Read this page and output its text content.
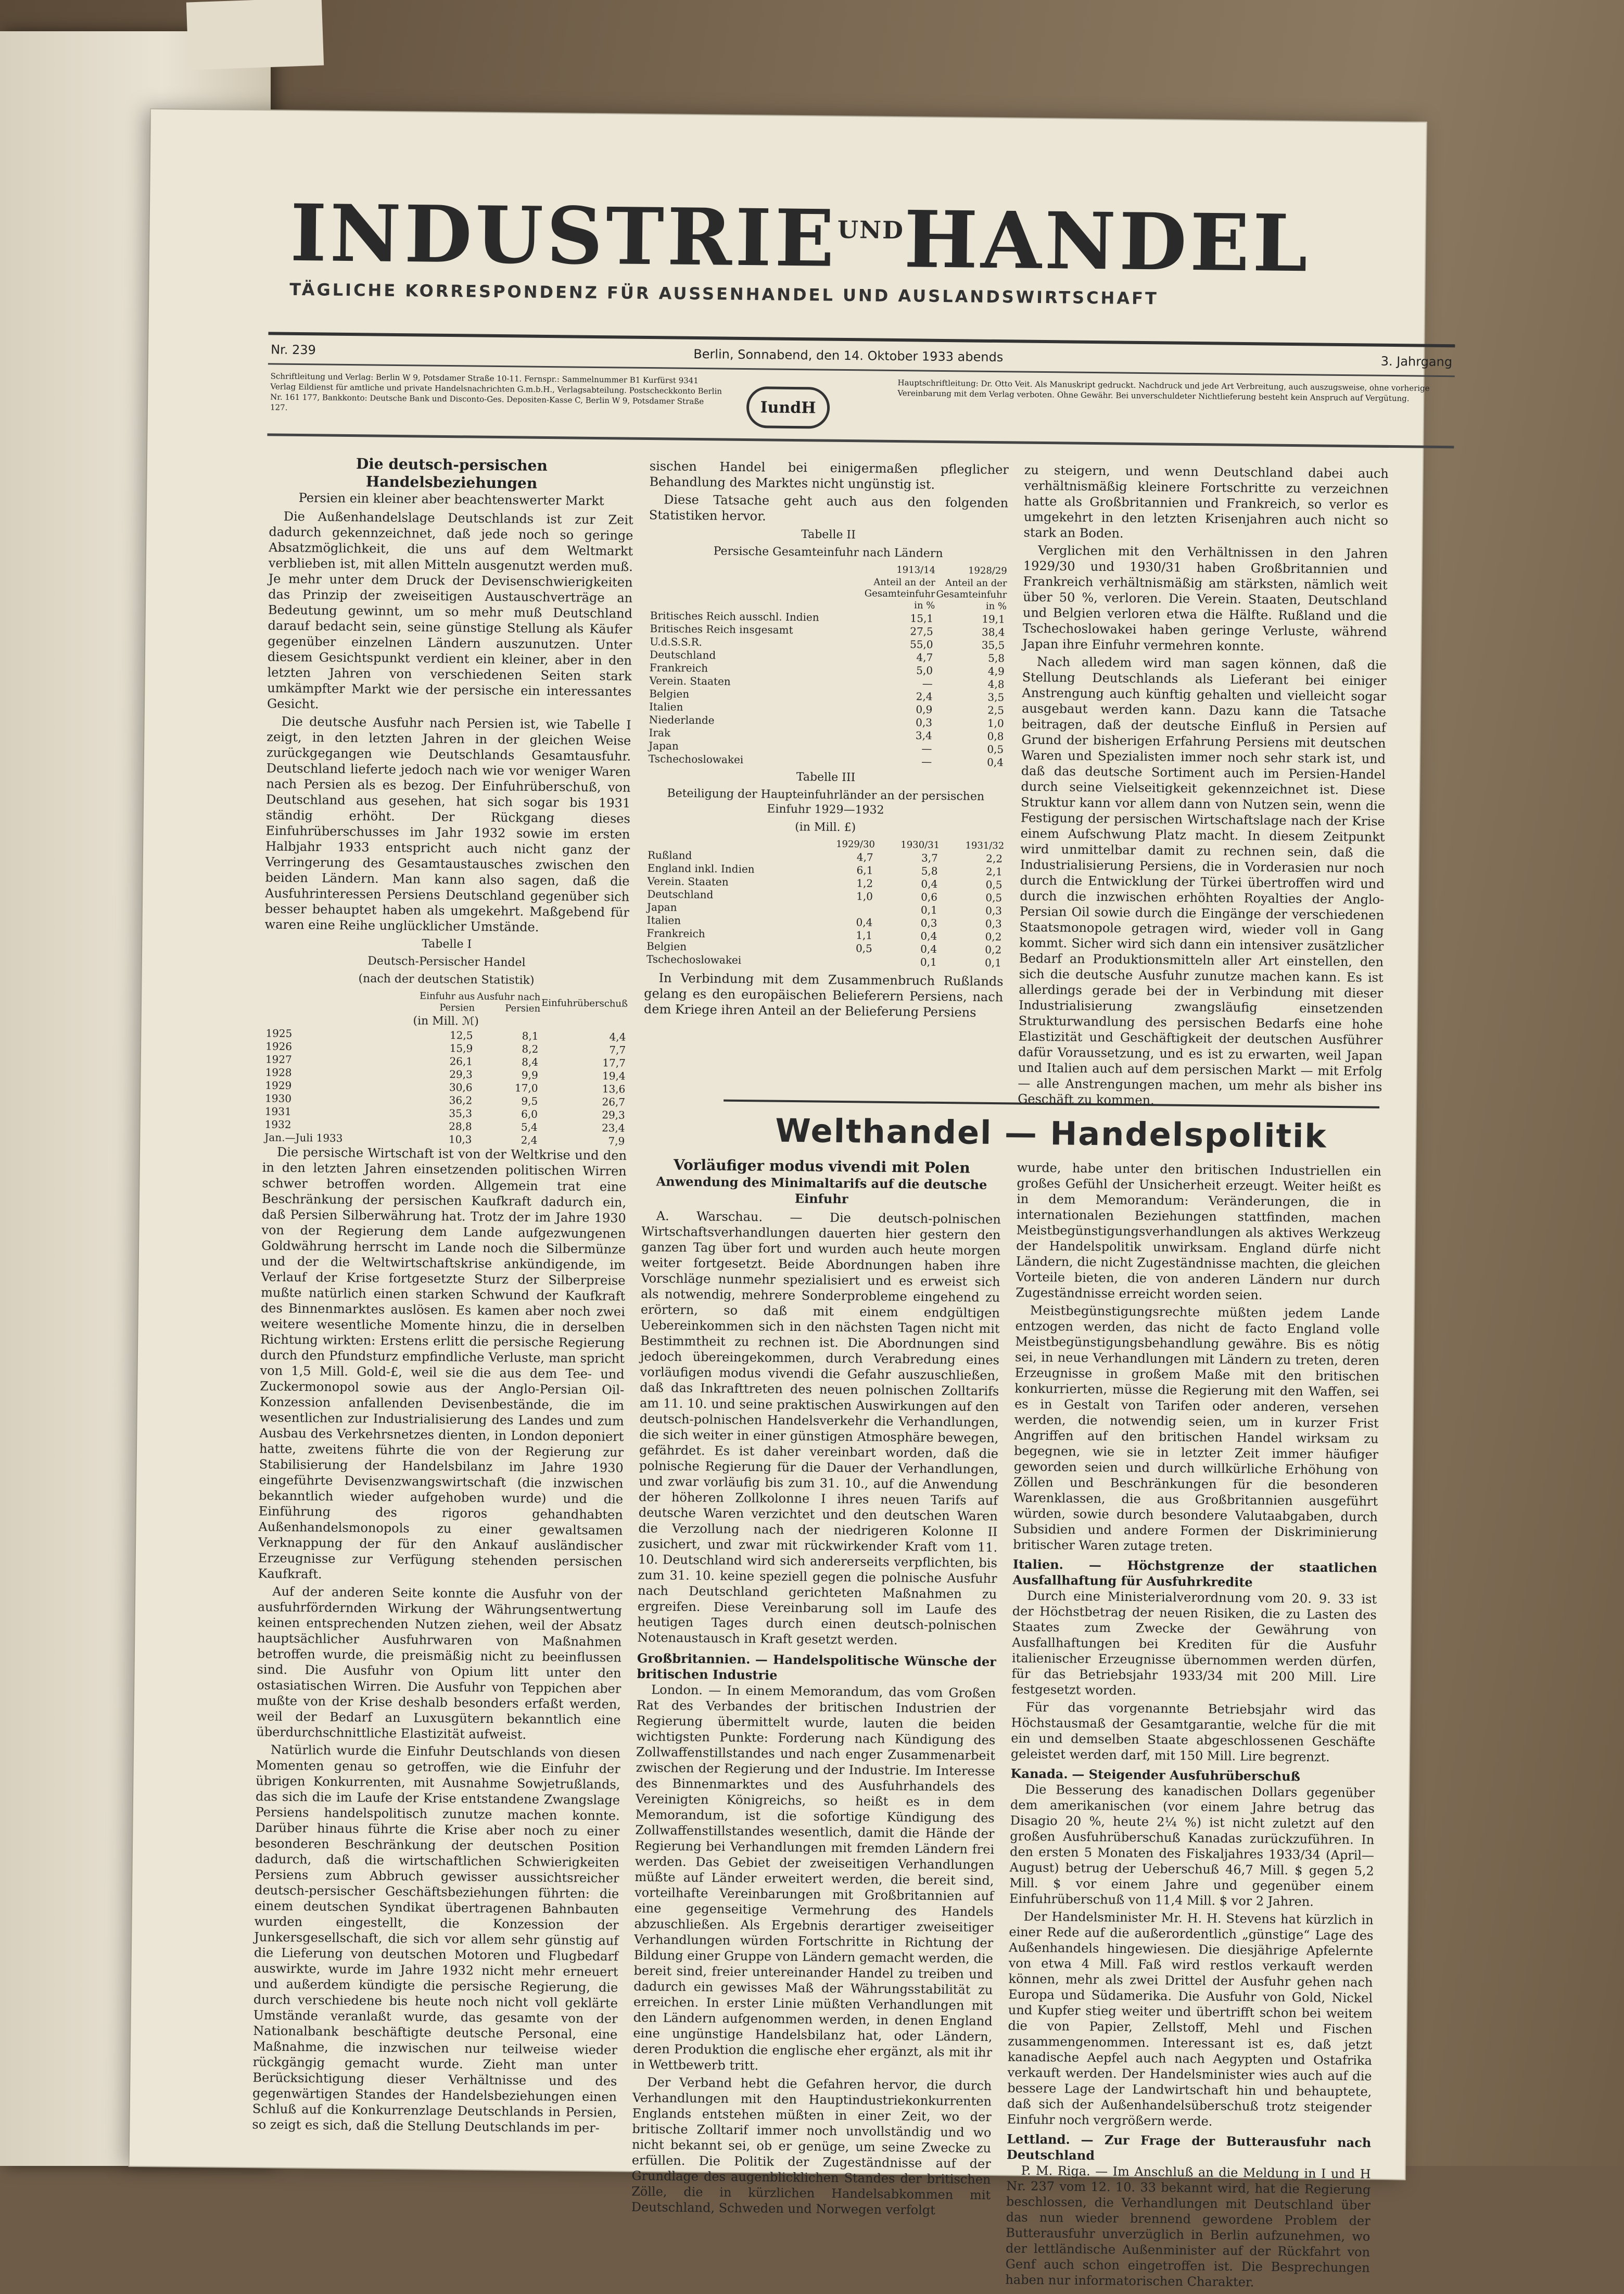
$INDUSTRIE^{UND}HANDEL$
TÄGLICHE KORRESPONDENZ FÜR AUSSENHANDEL UND AUSLANDSWIRTSCHAFT
Nr. 239	Berlin, Sonnabend, den 14. Oktober 1933 abends	3. Jahrgang
Schriftleitung und Verlag: Berlin W 9, Potsdamer Straße 10-11. Fernspr.: Sammelnummer B1 Kurfürst 9341 Verlag Eildienst für amtliche und private Handelsnachrichten G.m.b.H., Verlagsabteilung. Postscheckkonto Berlin Nr. 161 177, Bankkonto: Deutsche Bank und Disconto-Ges. Depositen-Kasse C, Berlin W 9, Potsdamer Straße 127.	IundH
Hauptschriftleitung: Dr. Otto Veit. Als Manuskript gedruckt. Nachdruck und jede Art Verbreitung, auch auszugsweise, ohne vorherige Vereinbarung mit dem Verlag verboten. Ohne Gewähr. Bei unverschuldeter Nichtlieferung besteht kein Anspruch auf Vergütung.
Die deutsch-persischen Handelsbeziehungen
Persien ein kleiner aber beachtenswerter Markt

Die Außenhandelslage Deutschlands ist zur Zeit dadurch gekennzeichnet, daß jede noch so geringe Absatzmöglichkeit, die uns auf dem Weltmarkt verblieben ist, mit allen Mitteln ausgenutzt werden muß. Je mehr unter dem Druck der Devisenschwierigkeiten das Prinzip der zweiseitigen Austauschverträge an Bedeutung gewinnt, um so mehr muß Deutschland darauf bedacht sein, seine günstige Stellung als Käufer gegenüber einzelnen Ländern auszunutzen. Unter diesem Gesichtspunkt verdient ein kleiner, aber in den letzten Jahren von verschiedenen Seiten stark umkämpfter Markt wie der persische ein interessantes Gesicht.

Die deutsche Ausfuhr nach Persien ist, wie Tabelle I zeigt, in den letzten Jahren in der gleichen Weise zurückgegangen wie Deutschlands Gesamtausfuhr. Deutschland lieferte jedoch nach wie vor weniger Waren nach Persien als es bezog. Der Einfuhrüberschuß, von Deutschland aus gesehen, hat sich sogar bis 1931 ständig erhöht. Der Rückgang dieses Einfuhrüberschusses im Jahr 1932 sowie im ersten Halbjahr 1933 entspricht auch nicht ganz der Verringerung des Gesamtaustausches zwischen den beiden Ländern. Man kann also sagen, daß die Ausfuhrinteressen Persiens Deutschland gegenüber sich besser behauptet haben als umgekehrt. Maßgebend für waren eine Reihe unglücklicher Umstände.

Tabelle I
Deutsch-Persischer Handel
(nach der deutschen Statistik)
	Einfuhr aus Persien	Ausfuhr nach Persien	Einfuhrüberschuß
(in Mill. ℳ)			
1925	12,5	8,1	4,4
1926	15,9	8,2	7,7
1927	26,1	8,4	17,7
1928	29,3	9,9	19,4
1929	30,6	17,0	13,6
1930	36,2	9,5	26,7
1931	35,3	6,0	29,3
1932	28,8	5,4	23,4
Jan.—Juli 1933	10,3	2,4	7,9

Die persische Wirtschaft ist von der Weltkrise und den in den letzten Jahren einsetzenden politischen Wirren schwer betroffen worden. Allgemein trat eine Beschränkung der persischen Kaufkraft dadurch ein, daß Persien Silberwährung hat. Trotz der im Jahre 1930 von der Regierung dem Lande aufgezwungenen Goldwährung herrscht im Lande noch die Silbermünze und der die Weltwirtschaftskrise ankündigende, im Verlauf der Krise fortgesetzte Sturz der Silberpreise mußte natürlich einen starken Schwund der Kaufkraft des Binnenmarktes auslösen. Es kamen aber noch zwei weitere wesentliche Momente hinzu, die in derselben Richtung wirkten: Erstens erlitt die persische Regierung durch den Pfundsturz empfindliche Verluste, man spricht von 1,5 Mill. Gold-£, weil sie die aus dem Tee- und Zuckermonopol sowie aus der Anglo-Persian Oil-Konzession anfallenden Devisenbestände, die im wesentlichen zur Industrialisierung des Landes und zum Ausbau des Verkehrsnetzes dienten, in London deponiert hatte, zweitens führte die von der Regierung zur Stabilisierung der Handelsbilanz im Jahre 1930 eingeführte Devisenzwangswirtschaft (die inzwischen bekanntlich wieder aufgehoben wurde) und die Einführung des rigoros gehandhabten Außenhandelsmonopols zu einer gewaltsamen Verknappung der für den Ankauf ausländischer Erzeugnisse zur Verfügung stehenden persischen Kaufkraft.

Auf der anderen Seite konnte die Ausfuhr von der ausfuhrfördernden Wirkung der Währungsentwertung keinen entsprechenden Nutzen ziehen, weil der Absatz hauptsächlicher Ausfuhrwaren von Maßnahmen betroffen wurde, die preismäßig nicht zu beeinflussen sind. Die Ausfuhr von Opium litt unter den ostasiatischen Wirren. Die Ausfuhr von Teppichen aber mußte von der Krise deshalb besonders erfaßt werden, weil der Bedarf an Luxusgütern bekanntlich eine überdurchschnittliche Elastizität aufweist.

Natürlich wurde die Einfuhr Deutschlands von diesen Momenten genau so getroffen, wie die Einfuhr der übrigen Konkurrenten, mit Ausnahme Sowjetrußlands, das sich die im Laufe der Krise entstandene Zwangslage Persiens handelspolitisch zunutze machen konnte. Darüber hinaus führte die Krise aber noch zu einer besonderen Beschränkung der deutschen Position dadurch, daß die wirtschaftlichen Schwierigkeiten Persiens zum Abbruch gewisser aussichtsreicher deutsch-persischer Geschäftsbeziehungen führten: die einem deutschen Syndikat übertragenen Bahnbauten wurden eingestellt, die Konzession der Junkersgesellschaft, die sich vor allem sehr günstig auf die Lieferung von deutschen Motoren und Flugbedarf auswirkte, wurde im Jahre 1932 nicht mehr erneuert und außerdem kündigte die persische Regierung, die durch verschiedene bis heute noch nicht voll geklärte Umstände veranlaßt wurde, das gesamte von der Nationalbank beschäftigte deutsche Personal, eine Maßnahme, die inzwischen nur teilweise wieder rückgängig gemacht wurde. Zieht man unter Berücksichtigung dieser Verhältnisse und des gegenwärtigen Standes der Handelsbeziehungen einen Schluß auf die Konkurrenzlage Deutschlands in Persien, so zeigt es sich, daß die Stellung Deutschlands im per-

sischen Handel bei einigermaßen pfleglicher Behandlung des Marktes nicht ungünstig ist.

Diese Tatsache geht auch aus den folgenden Statistiken hervor.

Tabelle II
Persische Gesamteinfuhr nach Ländern
	1913/14	1928/29
	Anteil an der Gesamteinfuhr in %	Anteil an der Gesamteinfuhr in %
Britisches Reich ausschl. Indien	15,1	19,1
Britisches Reich insgesamt	27,5	38,4
U.d.S.S.R.	55,0	35,5
Deutschland	4,7	5,8
Frankreich	5,0	4,9
Verein. Staaten	—	4,8
Belgien	2,4	3,5
Italien	0,9	2,5
Niederlande	0,3	1,0
Irak	3,4	0,8
Japan	—	0,5
Tschechoslowakei	—	0,4
Tabelle III
Beteiligung der Haupteinfuhrländer an der persischen Einfuhr 1929—1932
(in Mill. £)
	1929/30	1930/31	1931/32
Rußland	4,7	3,7	2,2
England inkl. Indien	6,1	5,8	2,1
Verein. Staaten	1,2	0,4	0,5
Deutschland	1,0	0,6	0,5
Japan		0,1	0,3
Italien	0,4	0,3	0,3
Frankreich	1,1	0,4	0,2
Belgien	0,5	0,4	0,2
Tschechoslowakei		0,1	0,1

In Verbindung mit dem Zusammenbruch Rußlands gelang es den europäischen Belieferern Persiens, nach dem Kriege ihren Anteil an der Belieferung Persiens

zu steigern, und wenn Deutschland dabei auch verhältnismäßig kleinere Fortschritte zu verzeichnen hatte als Großbritannien und Frankreich, so verlor es umgekehrt in den letzten Krisenjahren auch nicht so stark an Boden.

Verglichen mit den Verhältnissen in den Jahren 1929/30 und 1930/31 haben Großbritannien und Frankreich verhältnismäßig am stärksten, nämlich weit über 50 %, verloren. Die Verein. Staaten, Deutschland und Belgien verloren etwa die Hälfte. Rußland und die Tschechoslowakei haben geringe Verluste, während Japan ihre Einfuhr vermehren konnte.

Nach alledem wird man sagen können, daß die Stellung Deutschlands als Lieferant bei einiger Anstrengung auch künftig gehalten und vielleicht sogar ausgebaut werden kann. Dazu kann die Tatsache beitragen, daß der deutsche Einfluß in Persien auf Grund der bisherigen Erfahrung Persiens mit deutschen Waren und Spezialisten immer noch sehr stark ist, und daß das deutsche Sortiment auch im Persien-Handel durch seine Vielseitigkeit gekennzeichnet ist. Diese Struktur kann vor allem dann von Nutzen sein, wenn die Festigung der persischen Wirtschaftslage nach der Krise einem Aufschwung Platz macht. In diesem Zeitpunkt wird unmittelbar damit zu rechnen sein, daß die Industrialisierung Persiens, die in Vorderasien nur noch durch die Entwicklung der Türkei übertroffen wird und durch die inzwischen erhöhten Royalties der Anglo-Persian Oil sowie durch die Eingänge der verschiedenen Staatsmonopole getragen wird, wieder voll in Gang kommt. Sicher wird sich dann ein intensiver zusätzlicher Bedarf an Produktionsmitteln aller Art einstellen, den sich die deutsche Ausfuhr zunutze machen kann. Es ist allerdings gerade bei der in Verbindung mit dieser Industrialisierung zwangsläufig einsetzenden Strukturwandlung des persischen Bedarfs eine hohe Elastizität und Geschäftigkeit der deutschen Ausführer dafür Voraussetzung, und es ist zu erwarten, weil Japan und Italien auch auf dem persischen Markt — mit Erfolg — alle Anstrengungen machen, um mehr als bisher ins Geschäft zu kommen.

Welthandel — Handelspolitik
Vorläufiger modus vivendi mit Polen
Anwendung des Minimaltarifs auf die deutsche Einfuhr

A. Warschau. — Die deutsch-polnischen Wirtschaftsverhandlungen dauerten hier gestern den ganzen Tag über fort und wurden auch heute morgen weiter fortgesetzt. Beide Abordnungen haben ihre Vorschläge nunmehr spezialisiert und es erweist sich als notwendig, mehrere Sonderprobleme eingehend zu erörtern, so daß mit einem endgültigen Uebereinkommen sich in den nächsten Tagen nicht mit Bestimmtheit zu rechnen ist. Die Abordnungen sind jedoch übereingekommen, durch Verabredung eines vorläufigen modus vivendi die Gefahr auszuschließen, daß das Inkrafttreten des neuen polnischen Zolltarifs am 11. 10. und seine praktischen Auswirkungen auf den deutsch-polnischen Handelsverkehr die Verhandlungen, die sich weiter in einer günstigen Atmosphäre bewegen, gefährdet. Es ist daher vereinbart worden, daß die polnische Regierung für die Dauer der Verhandlungen, und zwar vorläufig bis zum 31. 10., auf die Anwendung der höheren Zollkolonne I ihres neuen Tarifs auf deutsche Waren verzichtet und den deutschen Waren die Verzollung nach der niedrigeren Kolonne II zusichert, und zwar mit rückwirkender Kraft vom 11. 10. Deutschland wird sich andererseits verpflichten, bis zum 31. 10. keine speziell gegen die polnische Ausfuhr nach Deutschland gerichteten Maßnahmen zu ergreifen. Diese Vereinbarung soll im Laufe des heutigen Tages durch einen deutsch-polnischen Notenaustausch in Kraft gesetzt werden.

Großbritannien. — Handelspolitische Wünsche der britischen Industrie

London. — In einem Memorandum, das vom Großen Rat des Verbandes der britischen Industrien der Regierung übermittelt wurde, lauten die beiden wichtigsten Punkte: Forderung nach Kündigung des Zollwaffenstillstandes und nach enger Zusammenarbeit zwischen der Regierung und der Industrie. Im Interesse des Binnenmarktes und des Ausfuhrhandels des Vereinigten Königreichs, so heißt es in dem Memorandum, ist die sofortige Kündigung des Zollwaffenstillstandes wesentlich, damit die Hände der Regierung bei Verhandlungen mit fremden Ländern frei werden. Das Gebiet der zweiseitigen Verhandlungen müßte auf Länder erweitert werden, die bereit sind, vorteilhafte Vereinbarungen mit Großbritannien auf eine gegenseitige Vermehrung des Handels abzuschließen. Als Ergebnis derartiger zweiseitiger Verhandlungen würden Fortschritte in Richtung der Bildung einer Gruppe von Ländern gemacht werden, die bereit sind, freier untereinander Handel zu treiben und dadurch ein gewisses Maß der Währungsstabilität zu erreichen. In erster Linie müßten Verhandlungen mit den Ländern aufgenommen werden, in denen England eine ungünstige Handelsbilanz hat, oder Ländern, deren Produktion die englische eher ergänzt, als mit ihr in Wettbewerb tritt.

Der Verband hebt die Gefahren hervor, die durch Verhandlungen mit den Hauptindustriekonkurrenten Englands entstehen müßten in einer Zeit, wo der britische Zolltarif immer noch unvollständig und wo nicht bekannt sei, ob er genüge, um seine Zwecke zu erfüllen. Die Politik der Zugeständnisse auf der Grundlage des augenblicklichen Standes der britischen Zölle, die in kürzlichen Handelsabkommen mit Deutschland, Schweden und Norwegen verfolgt

wurde, habe unter den britischen Industriellen ein großes Gefühl der Unsicherheit erzeugt. Weiter heißt es in dem Memorandum: Veränderungen, die in internationalen Beziehungen stattfinden, machen Meistbegünstigungsverhandlungen als aktives Werkzeug der Handelspolitik unwirksam. England dürfe nicht Ländern, die nicht Zugeständnisse machten, die gleichen Vorteile bieten, die von anderen Ländern nur durch Zugeständnisse erreicht worden seien.

Meistbegünstigungsrechte müßten jedem Lande entzogen werden, das nicht de facto England volle Meistbegünstigungsbehandlung gewähre. Bis es nötig sei, in neue Verhandlungen mit Ländern zu treten, deren Erzeugnisse in großem Maße mit den britischen konkurrierten, müsse die Regierung mit den Waffen, sei es in Gestalt von Tarifen oder anderen, versehen werden, die notwendig seien, um in kurzer Frist Angriffen auf den britischen Handel wirksam zu begegnen, wie sie in letzter Zeit immer häufiger geworden seien und durch willkürliche Erhöhung von Zöllen und Beschränkungen für die besonderen Warenklassen, die aus Großbritannien ausgeführt würden, sowie durch besondere Valutaabgaben, durch Subsidien und andere Formen der Diskriminierung britischer Waren zutage treten.

Italien. — Höchstgrenze der staatlichen Ausfallhaftung für Ausfuhrkredite

Durch eine Ministerialverordnung vom 20. 9. 33 ist der Höchstbetrag der neuen Risiken, die zu Lasten des Staates zum Zwecke der Gewährung von Ausfallhaftungen bei Krediten für die Ausfuhr italienischer Erzeugnisse übernommen werden dürfen, für das Betriebsjahr 1933/34 mit 200 Mill. Lire festgesetzt worden.

Für das vorgenannte Betriebsjahr wird das Höchstausmaß der Gesamtgarantie, welche für die mit ein und demselben Staate abgeschlossenen Geschäfte geleistet werden darf, mit 150 Mill. Lire begrenzt.

Kanada. — Steigender Ausfuhrüberschuß

Die Besserung des kanadischen Dollars gegenüber dem amerikanischen (vor einem Jahre betrug das Disagio 20 %, heute 2¼ %) ist nicht zuletzt auf den großen Ausfuhrüberschuß Kanadas zurückzuführen. In den ersten 5 Monaten des Fiskaljahres 1933/34 (April—August) betrug der Ueberschuß 46,7 Mill. $ gegen 5,2 Mill. $ vor einem Jahre und gegenüber einem Einfuhrüberschuß von 11,4 Mill. $ vor 2 Jahren.

Der Handelsminister Mr. H. H. Stevens hat kürzlich in einer Rede auf die außerordentlich „günstige“ Lage des Außenhandels hingewiesen. Die diesjährige Apfelernte von etwa 4 Mill. Faß wird restlos verkauft werden können, mehr als zwei Drittel der Ausfuhr gehen nach Europa und Südamerika. Die Ausfuhr von Gold, Nickel und Kupfer stieg weiter und übertrifft schon bei weitem die von Papier, Zellstoff, Mehl und Fischen zusammengenommen. Interessant ist es, daß jetzt kanadische Aepfel auch nach Aegypten und Ostafrika verkauft werden. Der Handelsminister wies auch auf die bessere Lage der Landwirtschaft hin und behauptete, daß sich der Außenhandelsüberschuß trotz steigender Einfuhr noch vergrößern werde.

Lettland. — Zur Frage der Butterausfuhr nach Deutschland

P. M. Riga. — Im Anschluß an die Meldung in I und H Nr. 237 vom 12. 10. 33 bekannt wird, hat die Regierung beschlossen, die Verhandlungen mit Deutschland über das nun wieder brennend gewordene Problem der Butterausfuhr unverzüglich in Berlin aufzunehmen, wo der lettländische Außenminister auf der Rückfahrt von Genf auch schon eingetroffen ist. Die Besprechungen haben nur informatorischen Charakter.
